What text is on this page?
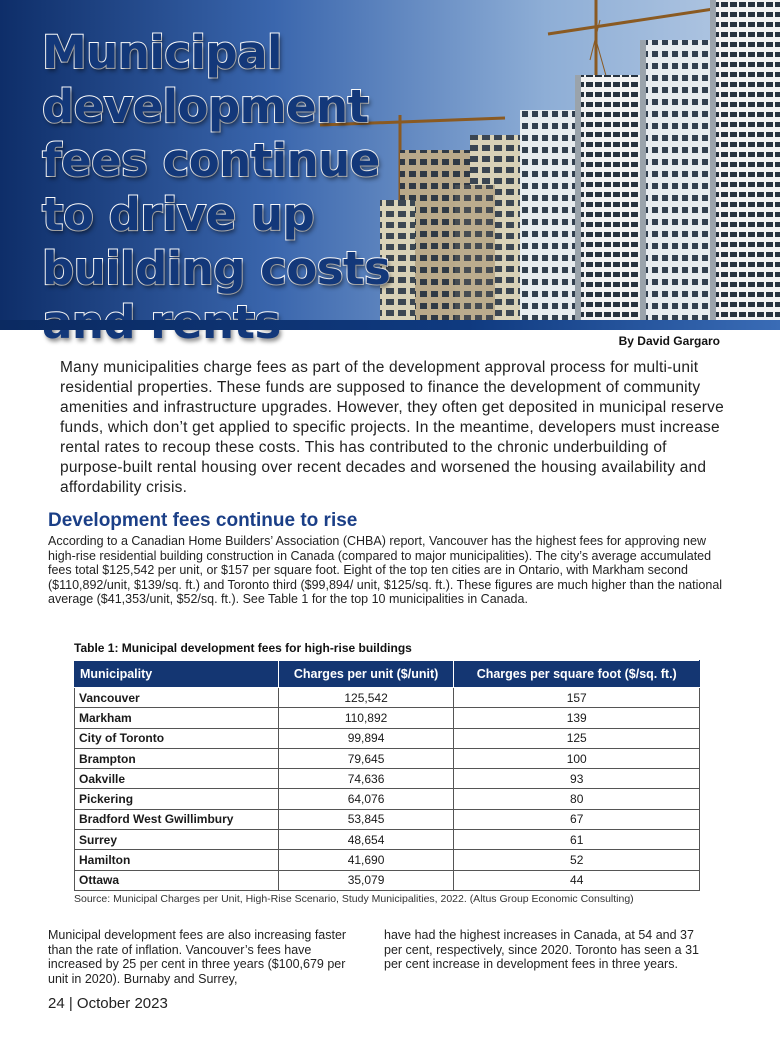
Municipal development fees continue to drive up building costs
By David Gargaro

Many municipalities charge fees as part of the development approval process for multi-unit residential properties. These funds are supposed to finance the development of community amenities and infrastructure upgrades. However, they often get deposited in municipal reserve funds, which don’t get applied to specific projects. In the meantime, developers must increase rental rates to recoup these costs. This has contributed to the chronic underbuilding of purpose-built rental housing over recent decades and worsened the housing availability and affordability crisis.

Development fees continue to rise

According to a Canadian Home Builders’ Association (CHBA) report, Vancouver has the highest fees for approving new high-rise residential building construction in Canada (compared to major municipalities). The city’s average accumulated fees total $125,542 per unit, or $157 per square foot. Eight of the top ten cities are in Ontario, with Markham second ($110,892/unit, $139/sq. ft.) and Toronto third ($99,894/ unit, $125/sq. ft.). These figures are much higher than the national average ($41,353/unit, $52/sq. ft.). See Table 1 for the top 10 municipalities in Canada.

Table 1: Municipal development fees for high-rise buildings

Municipality	Charges per unit ($/unit)	Charges per square foot ($/sq. ft.)
Vancouver	125,542	157
Markham	110,892	139
City of Toronto	99,894	125
Brampton	79,645	100
Oakville	74,636	93
Pickering	64,076	80
Bradford West Gwillimbury	53,845	67
Surrey	48,654	61
Hamilton	41,690	52
Ottawa	35,079	44

Source: Municipal Charges per Unit, High-Rise Scenario, Study Municipalities, 2022. (Altus Group Economic Consulting)

Municipal development fees are also increasing faster than the rate of inflation. Vancouver’s fees have increased by 25 per cent in three years ($100,679 per unit in 2020). Burnaby and Surrey,

have had the highest increases in Canada, at 54 and 37 per cent, respectively, since 2020. Toronto has seen a 31 per cent increase in development fees in three years.

24 | October 2023
